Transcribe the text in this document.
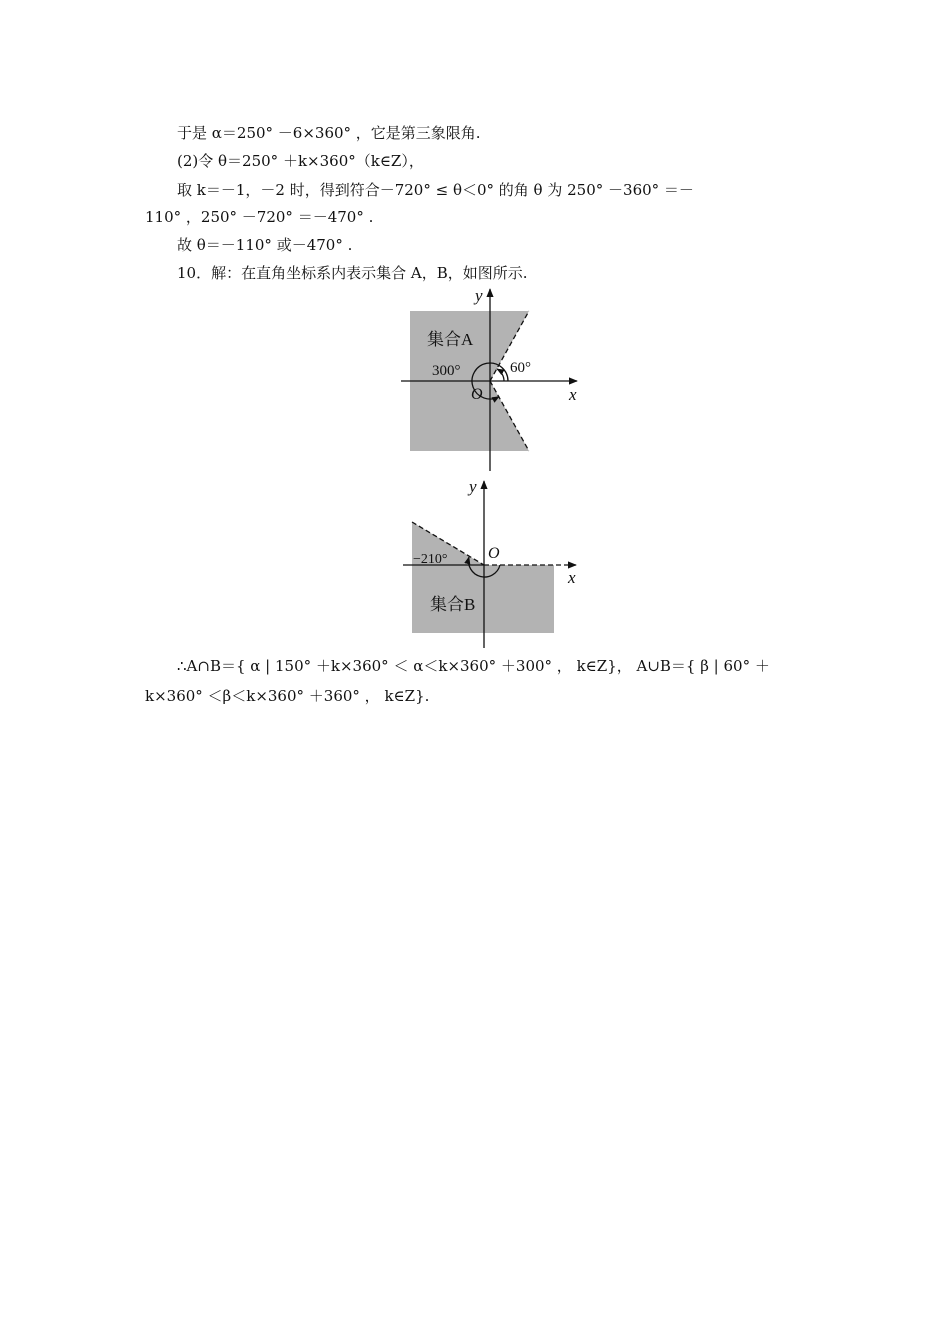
于是 α＝250° －6×360° ，它是第三象限角.
(2)令 θ＝250° ＋k×360°（k∈Z），
取 k＝－1，－2 时，得到符合－720° ≤ θ＜0° 的角 θ 为 250° －360° ＝－
110° ，250° －720° ＝－470° .
故 θ＝－110° 或－470° .
10．解：在直角坐标系内表示集合 A，B，如图所示.
集合A
300°	60°
O	x
y
−210°	O
集合B
x
y
∴A∩B＝{ α | 150° ＋k×360° ＜ α＜k×360° ＋300° ， k∈Z}， A∪B＝{ β | 60° ＋
k×360° ＜β＜k×360° ＋360° ， k∈Z}.
